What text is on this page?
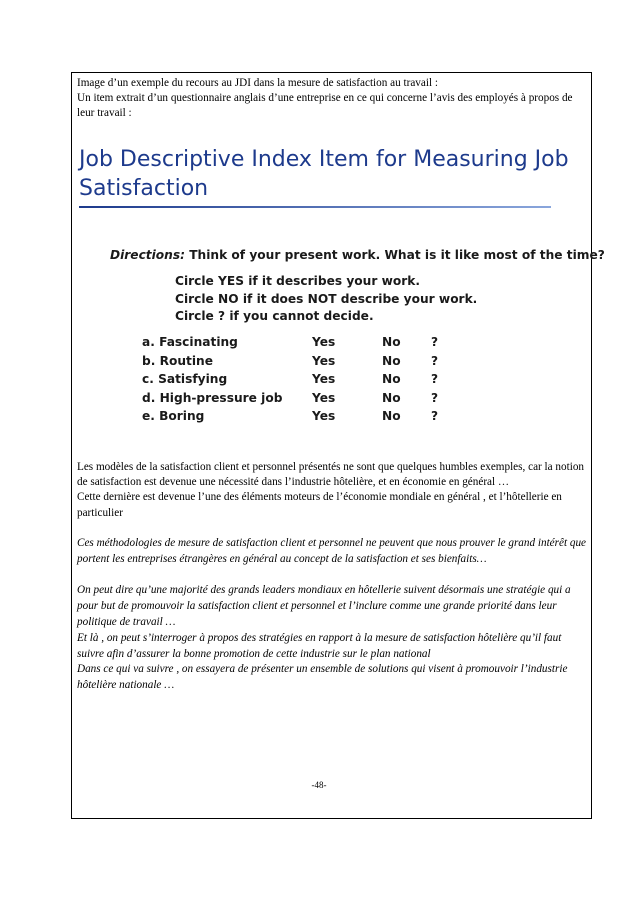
Image d’un exemple du recours au JDI dans la mesure de satisfaction au travail :

Un item extrait d’un questionnaire anglais d’une entreprise en ce qui concerne l’avis des employés à propos de leur travail :

Job Descriptive Index Item for Measuring Job Satisfaction
Directions: Think of your present work. What is it like most of the time?
Circle YES if it describes your work.
Circle NO if it does NOT describe your work.
Circle ? if you cannot decide.
a. Fascinating	Yes	No ?
b. Routine	Yes	No ?
c. Satisfying	Yes	No ?
d. High-pressure job Yes	No ?
e. Boring	Yes	No ?

Les modèles de la satisfaction client et personnel présentés ne sont que quelques humbles exemples, car la notion de satisfaction est devenue une nécessité dans l’industrie hôtelière, et en économie en général …

Cette dernière est devenue l’une des éléments moteurs de l’économie mondiale en général , et l’hôtellerie en particulier

Ces méthodologies de mesure de satisfaction client et personnel ne peuvent que nous prouver le grand intérêt que portent les entreprises étrangères en général au concept de la satisfaction et ses bienfaits…

On peut dire qu’une majorité des grands leaders mondiaux en hôtellerie suivent désormais une stratégie qui a pour but de promouvoir la satisfaction client et personnel et l’inclure comme une grande priorité dans leur politique de travail …

Et là , on peut s’interroger à propos des stratégies en rapport à la mesure de satisfaction hôtelière qu’il faut suivre afin d’assurer la bonne promotion de cette industrie sur le plan national

Dans ce qui va suivre , on essayera de présenter un ensemble de solutions qui visent à promouvoir l’industrie hôtelière nationale …

-48-
